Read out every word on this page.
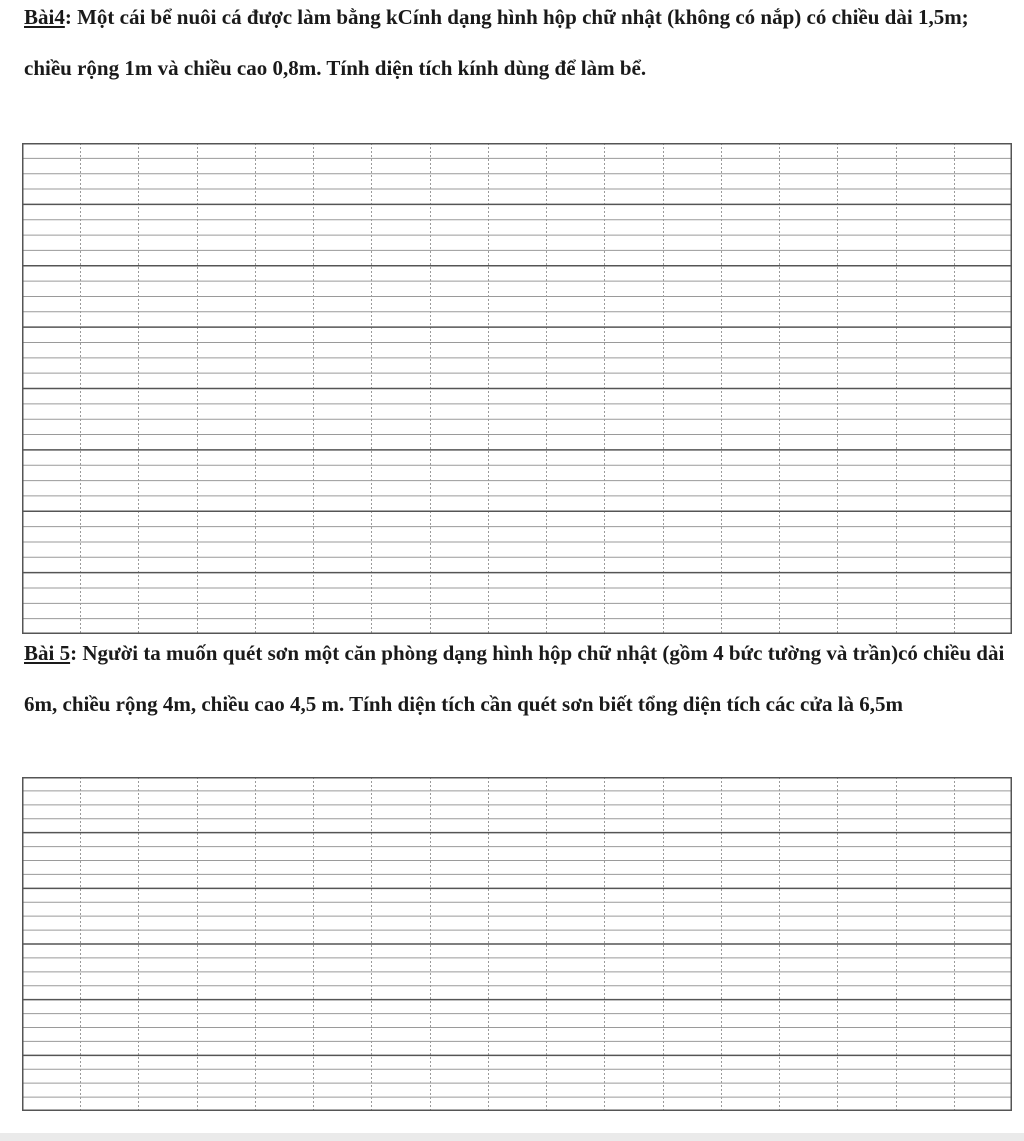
Bài4: Một cái bể nuôi cá được làm bằng kCính dạng hình hộp chữ nhật (không có nắp) có chiều dài 1,5m; chiều rộng 1m và chiều cao 0,8m. Tính diện tích kính dùng để làm bể.

Bài 5: Người ta muốn quét sơn một căn phòng dạng hình hộp chữ nhật (gồm 4 bức tường và trần)có chiều dài 6m, chiều rộng 4m, chiều cao 4,5 m. Tính diện tích cần quét sơn biết tổng diện tích các cửa là 6,5m
